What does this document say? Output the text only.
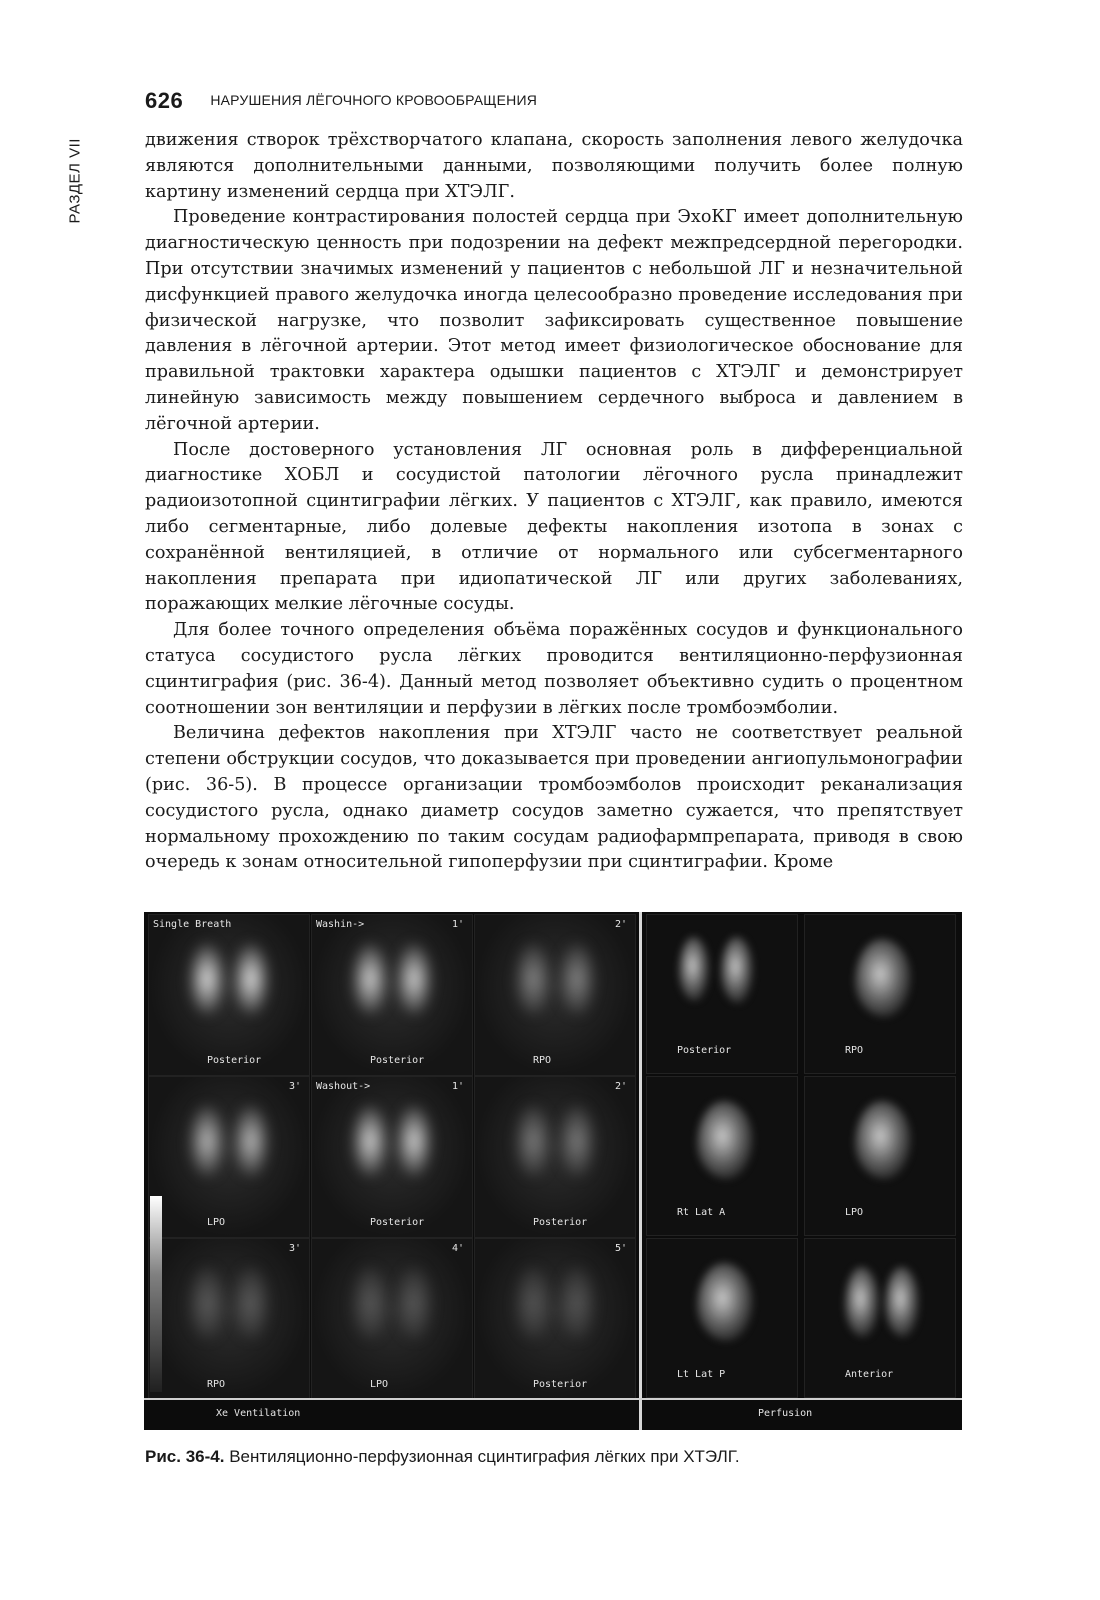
РАЗДЕЛ VII
626 НАРУШЕНИЯ ЛЁГОЧНОГО КРОВООБРАЩЕНИЯ

движения створок трёхстворчатого клапана, скорость заполнения левого желудочка являются дополнительными данными, позволяющими получить более полную картину изменений сердца при ХТЭЛГ.

Проведение контрастирования полостей сердца при ЭхоКГ имеет дополнительную диагностическую ценность при подозрении на дефект межпредсердной перегородки. При отсутствии значимых изменений у пациентов с небольшой ЛГ и незначительной дисфункцией правого желудочка иногда целесообразно проведение исследования при физической нагрузке, что позволит зафиксировать существенное повышение давления в лёгочной артерии. Этот метод имеет физиологическое обоснование для правильной трактовки характера одышки пациентов с ХТЭЛГ и демонстрирует линейную зависимость между повышением сердечного выброса и давлением в лёгочной артерии.

После достоверного установления ЛГ основная роль в дифференциальной диагностике ХОБЛ и сосудистой патологии лёгочного русла принадлежит радиоизотопной сцинтиграфии лёгких. У пациентов с ХТЭЛГ, как правило, имеются либо сегментарные, либо долевые дефекты накопления изотопа в зонах с сохранённой вентиляцией, в отличие от нормального или субсегментарного накопления препарата при идиопатической ЛГ или других заболеваниях, поражающих мелкие лёгочные сосуды.

Для более точного определения объёма поражённых сосудов и функционального статуса сосудистого русла лёгких проводится вентиляционно-перфузионная сцинтиграфия (рис. 36-4). Данный метод позволяет объективно судить о процентном соотношении зон вентиляции и перфузии в лёгких после тромбоэмболии.

Величина дефектов накопления при ХТЭЛГ часто не соответствует реальной степени обструкции сосудов, что доказывается при проведении ангиопульмонографии (рис. 36-5). В процессе организации тромбоэмболов происходит реканализация сосудистого русла, однако диаметр сосудов заметно сужается, что препятствует нормальному прохождению по таким сосудам радиофармпрепарата, приводя в свою очередь к зонам относительной гипоперфузии при сцинтиграфии. Кроме

Single Breath
Posterior
Washin->	1'
Posterior
2'
RPO
3'
LPO
Washout->	1'
Posterior
2'
Posterior
3'
RPO
4'
LPO
5'
Posterior
Posterior	RPO
Rt Lat A	LPO
Lt Lat P	Anterior
Xe Ventilation	Perfusion
Рис. 36-4. Вентиляционно-перфузионная сцинтиграфия лёгких при ХТЭЛГ.
